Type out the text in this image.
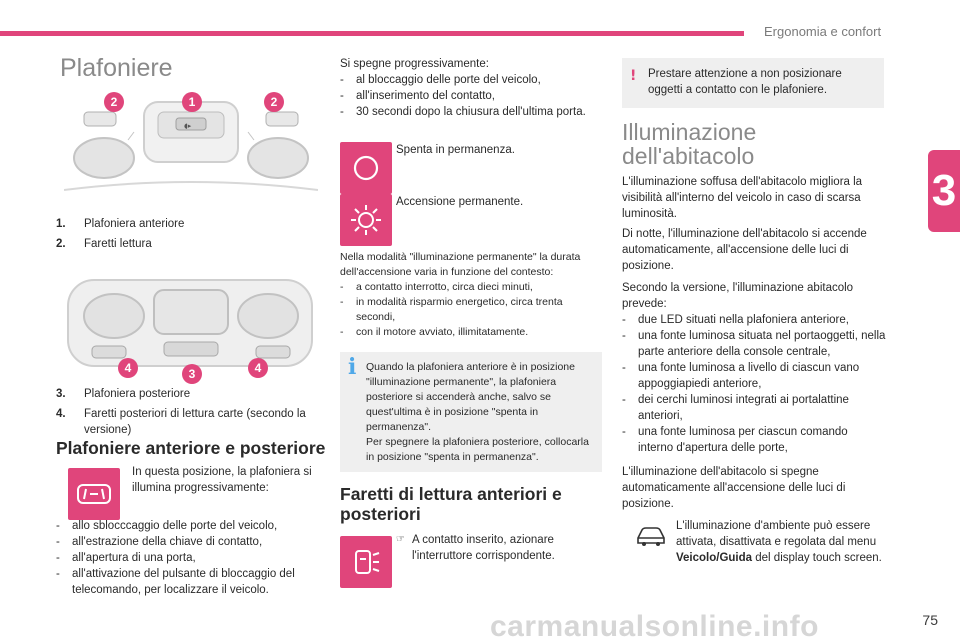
Ergonomia e confort
3
Plafoniere
◖▸
2	1	2
1. Plafoniera anteriore
2. Faretti lettura
4	3	4
3. Plafoniera posteriore
4. Faretti posteriori di lettura carte (secondo la versione)
Plafoniere anteriore e posteriore
In questa posizione, la plafoniera si illumina progressivamente:
- allo sblocccaggio delle porte del veicolo,
- all'estrazione della chiave di contatto,
- all'apertura di una porta,
- all'attivazione del pulsante di bloccaggio del telecomando, per localizzare il veicolo.
Si spegne progressivamente:
- al bloccaggio delle porte del veicolo,
- all'inserimento del contatto,
- 30 secondi dopo la chiusura dell'ultima porta.
Spenta in permanenza.
Accensione permanente.
Nella modalità "illuminazione permanente" la durata dell'accensione varia in funzione del contesto:
- a contatto interrotto, circa dieci minuti,
- in modalità risparmio energetico, circa trenta secondi,
- con il motore avviato, illimitatamente.
i Quando la plafoniera anteriore è in posizione "illuminazione permanente", la plafoniera posteriore si accenderà anche, salvo se quest'ultima è in posizione "spenta in permanenza".
Per spegnere la plafoniera posteriore, collocarla in posizione "spenta in permanenza".
Faretti di lettura anteriori e posteriori
☞ A contatto inserito, azionare l'interruttore corrispondente.
! Prestare attenzione a non posizionare oggetti a contatto con le plafoniere.
Illuminazione dell'abitacolo
L'illuminazione soffusa dell'abitacolo migliora la visibilità all'interno del veicolo in caso di scarsa luminosità.
Di notte, l'illuminazione dell'abitacolo si accende automaticamente, all'accensione delle luci di posizione.
Secondo la versione, l'illuminazione abitacolo prevede:
- due LED situati nella plafoniera anteriore,
- una fonte luminosa situata nel portaoggetti, nella parte anteriore della console centrale,
- una fonte luminosa a livello di ciascun vano appoggiapiedi anteriore,
- dei cerchi luminosi integrati ai portalattine anteriori,
- una fonte luminosa per ciascun comando interno d'apertura delle porte,
L'illuminazione dell'abitacolo si spegne automaticamente all'accensione delle luci di posizione.
L'illuminazione d'ambiente può essere attivata, disattivata e regolata dal menu Veicolo/Guida del display touch screen.
carmanualsonline.info	75
